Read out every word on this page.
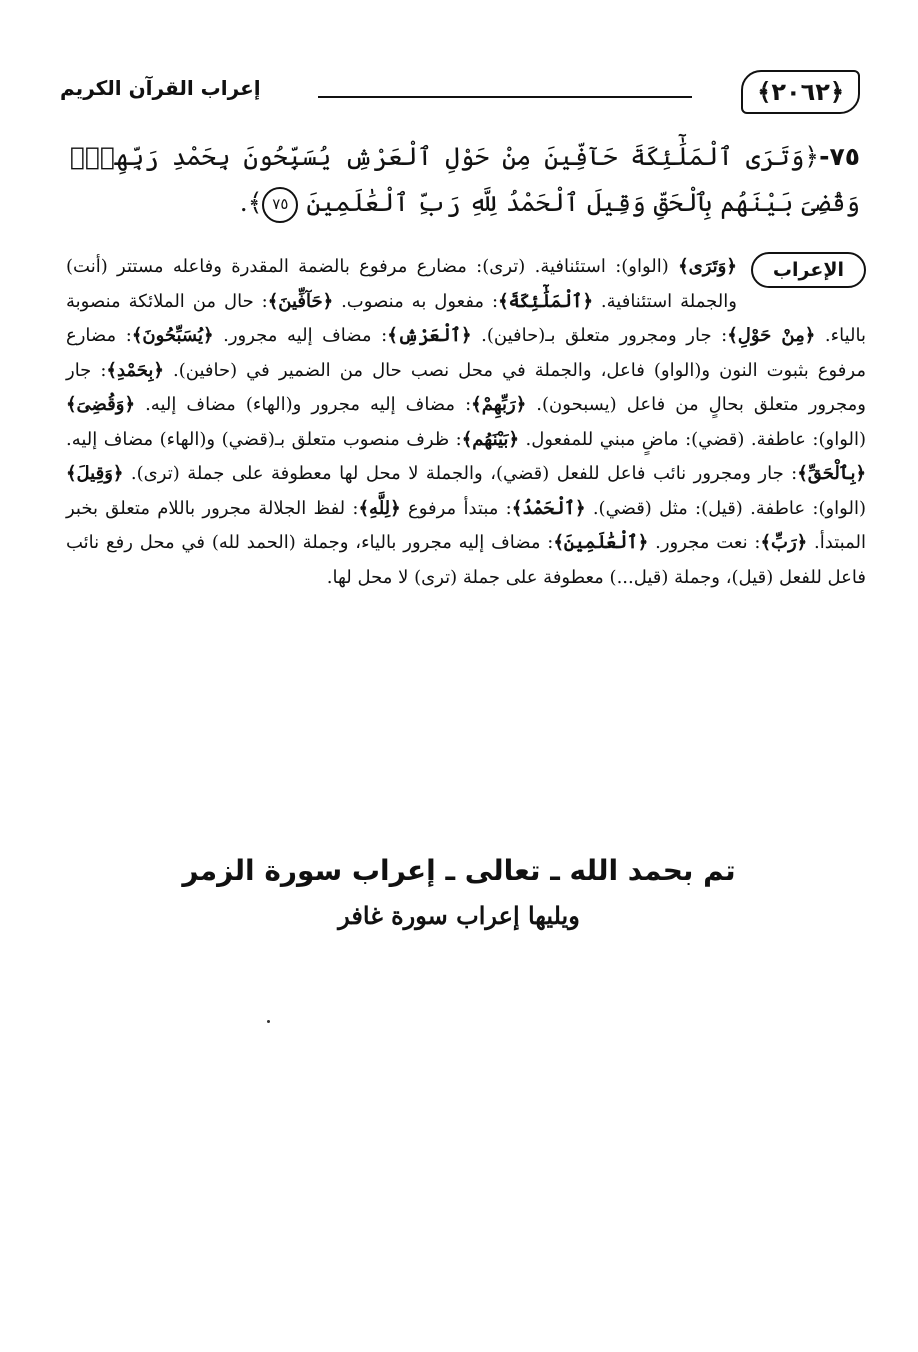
﴿٢٠٦٢﴾
إعراب القرآن الكريم
٧٥-﴿وَتَرَى ٱلْمَلَٰٓئِكَةَ حَآفِّينَ مِنْ حَوْلِ ٱلْعَرْشِ يُسَبِّحُونَ بِحَمْدِ رَبِّهِمْۖ وَقُضِىَ بَيْنَهُم بِٱلْحَقِّ وَقِيلَ ٱلْحَمْدُ لِلَّهِ رَبِّ ٱلْعَٰلَمِينَ ٧٥﴾.
الإعراب
﴿وَتَرَى﴾ (الواو): استئنافية. (ترى): مضارع مرفوع بالضمة المقدرة وفاعله مستتر (أنت) والجملة استئنافية. ﴿ٱلْمَلَٰٓئِكَةَ﴾: مفعول به منصوب. ﴿حَآفِّينَ﴾: حال من الملائكة منصوبة بالياء. ﴿مِنْ حَوْلِ﴾: جار ومجرور متعلق بـ(حافين). ﴿ٱلْعَرْشِ﴾: مضاف إليه مجرور. ﴿يُسَبِّحُونَ﴾: مضارع مرفوع بثبوت النون و(الواو) فاعل، والجملة في محل نصب حال من الضمير في (حافين). ﴿بِحَمْدِ﴾: جار ومجرور متعلق بحالٍ من فاعل (يسبحون). ﴿رَبِّهِمْ﴾: مضاف إليه مجرور و(الهاء) مضاف إليه. ﴿وَقُضِىَ﴾ (الواو): عاطفة. (قضي): ماضٍ مبني للمفعول. ﴿بَيْنَهُم﴾: ظرف منصوب متعلق بـ(قضي) و(الهاء) مضاف إليه. ﴿بِٱلْحَقِّ﴾: جار ومجرور نائب فاعل للفعل (قضي)، والجملة لا محل لها معطوفة على جملة (ترى). ﴿وَقِيلَ﴾ (الواو): عاطفة. (قيل): مثل (قضي). ﴿ٱلْحَمْدُ﴾: مبتدأ مرفوع ﴿لِلَّهِ﴾: لفظ الجلالة مجرور باللام متعلق بخبر المبتدأ. ﴿رَبِّ﴾: نعت مجرور. ﴿ٱلْعَٰلَمِينَ﴾: مضاف إليه مجرور بالياء، وجملة (الحمد لله) في محل رفع نائب فاعل للفعل (قيل)، وجملة (قيل...) معطوفة على جملة (ترى) لا محل لها.
تم بحمد الله ـ تعالى ـ إعراب سورة الزمر
ويليها إعراب سورة غافر
